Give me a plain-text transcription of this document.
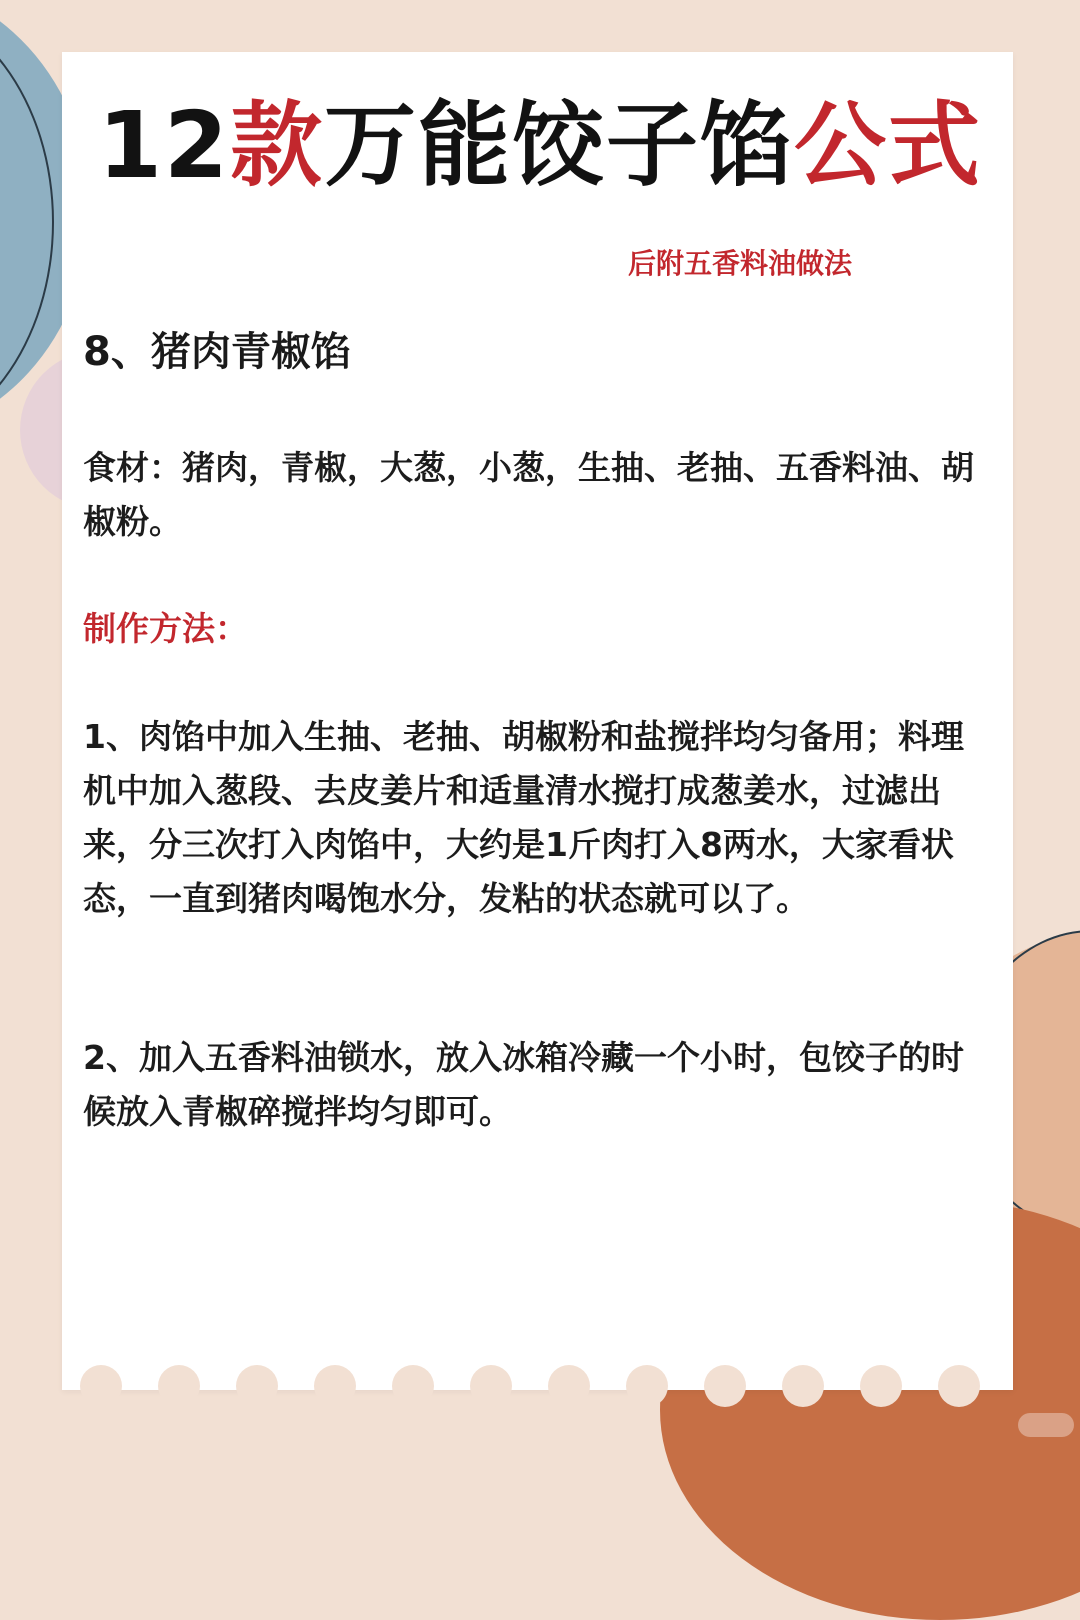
12款万能饺子馅公式
后附五香料油做法
8、猪肉青椒馅
食材：猪肉，青椒，大葱，小葱，生抽、老抽、五香料油、胡椒粉。
制作方法：
1、肉馅中加入生抽、老抽、胡椒粉和盐搅拌均匀备用；料理机中加入葱段、去皮姜片和适量清水搅打成葱姜水，过滤出来，分三次打入肉馅中，大约是1斤肉打入8两水，大家看状态，一直到猪肉喝饱水分，发粘的状态就可以了。
2、加入五香料油锁水，放入冰箱冷藏一个小时，包饺子的时候放入青椒碎搅拌均匀即可。
